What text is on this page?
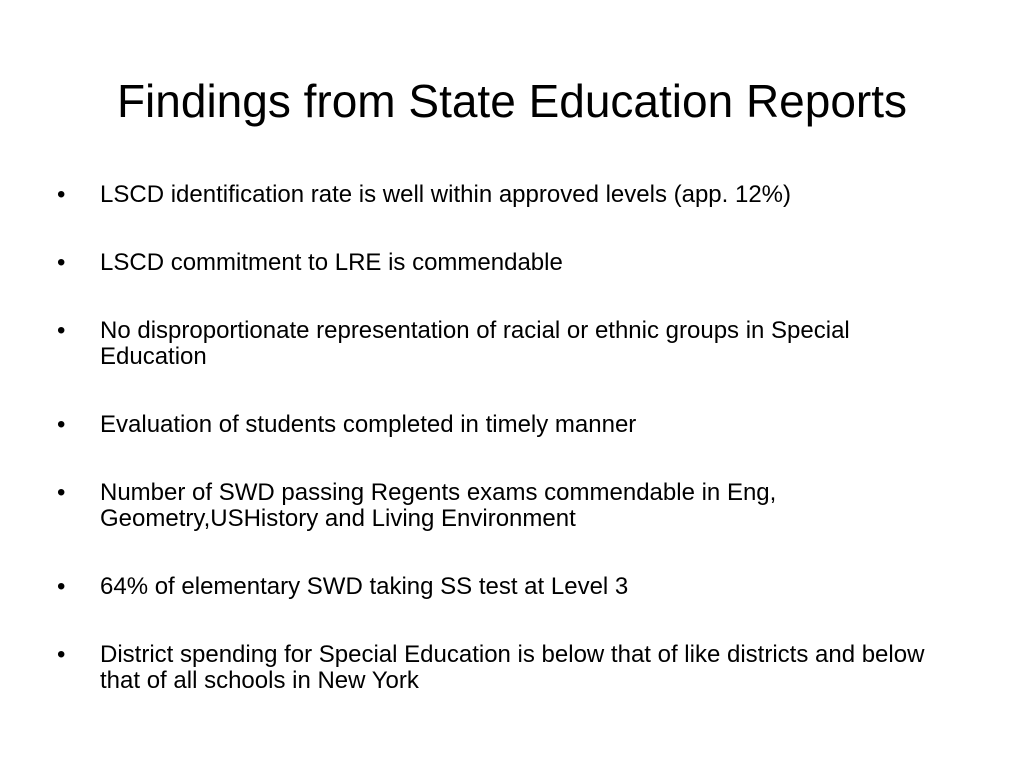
Findings from State Education Reports
•	LSCD identification rate is well within approved levels (app. 12%)
•	LSCD commitment to LRE is commendable
•	No disproportionate representation of racial or ethnic groups in Special Education
•	Evaluation of students completed in timely manner
•	Number of SWD passing Regents exams commendable in Eng, Geometry,USHistory and Living Environment
•	64% of elementary SWD taking SS test at Level 3
•	District spending for Special Education is below that of like districts and below that of all schools in New York
